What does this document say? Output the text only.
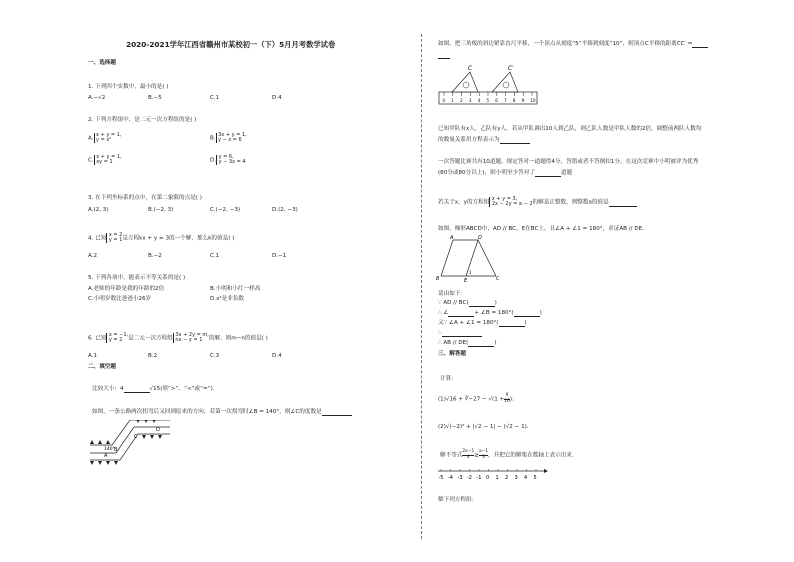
2020-2021学年江西省赣州市某校初一（下）5月月考数学试卷
一、选择题
1. 下列四个实数中，最小的是( )
A.−√2	B.−5	C.1	D.4
2. 下列方程组中，是二元一次方程组的是( )
A.x + y = 1,
y = x²	B.3x + y = 1,
y − z = 6
C.x + y = 1,
xy = 1	D.y = 6,
y − 3x = 4
3. 在下列坐标系的点中，在第二象限的点是( )
A.(2, 3)	B.(−2, 3)	C.(−2, −3)	D.(2, −3)
4. 已知x = 2
y = 1是方程kx + y = 3的一个解，那么k的值是( )
A.2	B.−2	C.1	D.−1
5. 下列各项中，能表示不等关系的是( )
A.老师的年龄是我的年龄的2倍	B.小明和小红一样高
C.小明岁数比爸爸小26岁	D.x²是非负数
6. 已知x = −1,
y = 2 是二元一次方程组3x + 2y = m,
nx − y = 1 的解，则m−n的值是( )
A.1	B.2	C.3	D.4
二、填空题
比较大小：4	√15(填“>”、“<”或“=”).
如图，一条公路两次拐弯后又回到原来的方向，若第一次拐弯时∠B = 140°，则∠C的度数是
A
B
140°
C
D
如图，把三角板的斜边紧靠直尺平移，一个顶点从刻度“5”平移到刻度“10”，则顶点C平移的距离CC′ =
C	C′
0 1 2 3 4 5 6 7 8 9 10
已知甲队有x人，乙队有y人，若从甲队调出10人到乙队，则乙队人数是甲队人数的2倍，调整前两队人数均
的数量关系用方程表示为
一次答题比赛共有10道题，规定答对一道题得4分，答错或者不答倒扣1分，在这次竞赛中小明被评为优秀
(80分或80分以上)，则小明至少答对了	道题
若关于x，y的方程组x + y = 3,
2x − 2y = a − 2的解是正整数，则整数a的值是
如图，梯形ABCD中，AD // BC，E在BC上，且∠A + ∠1 = 180°，求证AB // DE.
A	D
B	C
E
1
请由如下：
∵ AD // BC(	)
∴ ∠	+ ∠B = 180°(	)
又∵ ∠A + ∠1 = 180°(	)
∴
∴ AB // DE(	)
三、解答题
计算：
(1)√16 + ∛−27 − $√(1 + \frac{9}{16})$；
(2)√(−2)² + |√2 − 1| − (√2 − 1).
解不等式 $\frac{2x-1}{4}\ge \frac{x-1}{3}$，并把它的解集在数轴上表示出来.
-5 -4 -3 -2 -1 0 1 2 3 4 5
解下列方程组：
